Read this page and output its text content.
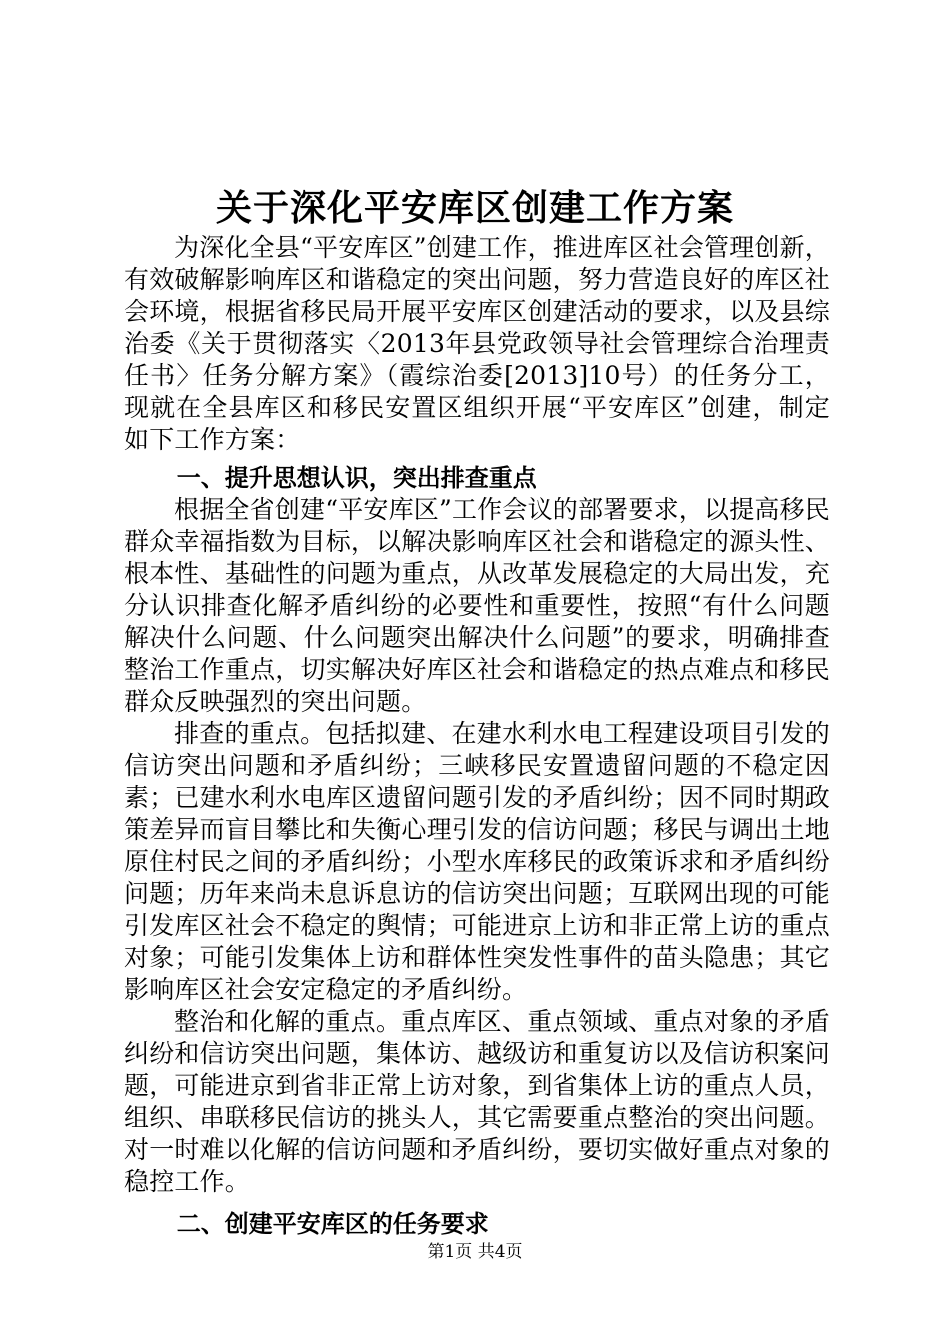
关于深化平安库区创建工作方案

为深化全县“平安库区”创建工作，推进库区社会管理创新，有效破解影响库区和谐稳定的突出问题，努力营造良好的库区社会环境，根据省移民局开展平安库区创建活动的要求，以及县综治委《关于贯彻落实〈2013年县党政领导社会管理综合治理责任书〉任务分解方案》（霞综治委[2013]10号）的任务分工，现就在全县库区和移民安置区组织开展“平安库区”创建，制定如下工作方案：

一、提升思想认识，突出排查重点

根据全省创建“平安库区”工作会议的部署要求，以提高移民群众幸福指数为目标，以解决影响库区社会和谐稳定的源头性、根本性、基础性的问题为重点，从改革发展稳定的大局出发，充分认识排查化解矛盾纠纷的必要性和重要性，按照“有什么问题解决什么问题、什么问题突出解决什么问题”的要求，明确排查整治工作重点，切实解决好库区社会和谐稳定的热点难点和移民群众反映强烈的突出问题。

排查的重点。包括拟建、在建水利水电工程建设项目引发的信访突出问题和矛盾纠纷；三峡移民安置遗留问题的不稳定因素；已建水利水电库区遗留问题引发的矛盾纠纷；因不同时期政策差异而盲目攀比和失衡心理引发的信访问题；移民与调出土地原住村民之间的矛盾纠纷；小型水库移民的政策诉求和矛盾纠纷问题；历年来尚未息诉息访的信访突出问题；互联网出现的可能引发库区社会不稳定的舆情；可能进京上访和非正常上访的重点对象；可能引发集体上访和群体性突发性事件的苗头隐患；其它影响库区社会安定稳定的矛盾纠纷。

整治和化解的重点。重点库区、重点领域、重点对象的矛盾纠纷和信访突出问题，集体访、越级访和重复访以及信访积案问题，可能进京到省非正常上访对象，到省集体上访的重点人员，组织、串联移民信访的挑头人，其它需要重点整治的突出问题。对一时难以化解的信访问题和矛盾纠纷，要切实做好重点对象的稳控工作。

二、创建平安库区的任务要求
第1页 共4页
